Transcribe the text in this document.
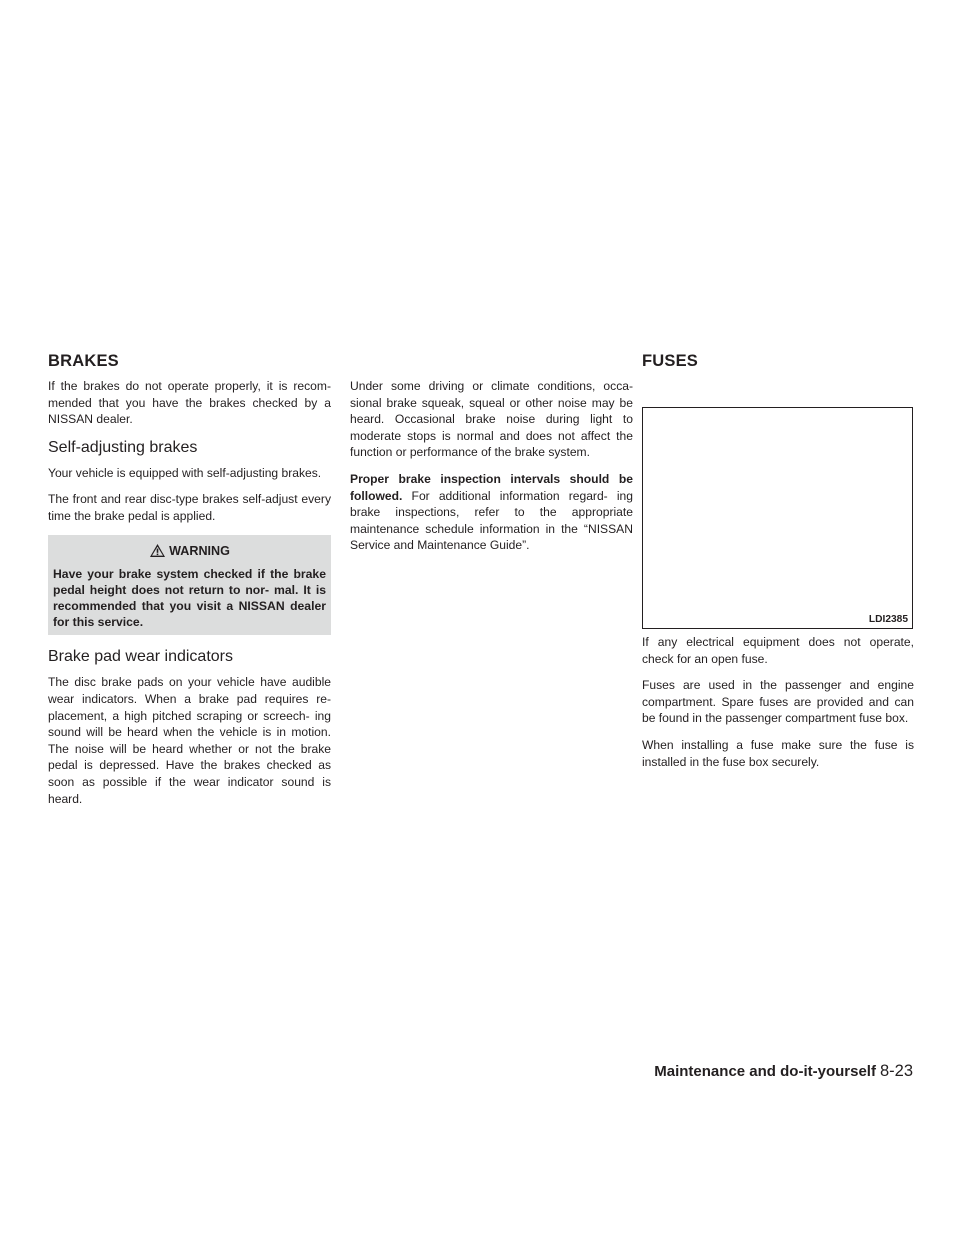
BRAKES	FUSES

If the brakes do not operate properly, it is recom- mended that you have the brakes checked by a NISSAN dealer.

Self-adjusting brakes

Your vehicle is equipped with self-adjusting brakes.

The front and rear disc-type brakes self-adjust every time the brake pedal is applied.

WARNING
Have your brake system checked if the brake pedal height does not return to nor- mal. It is recommended that you visit a NISSAN dealer for this service.
Brake pad wear indicators

The disc brake pads on your vehicle have audible wear indicators. When a brake pad requires re- placement, a high pitched scraping or screech- ing sound will be heard when the vehicle is in motion. The noise will be heard whether or not the brake pedal is depressed. Have the brakes checked as soon as possible if the wear indicator sound is heard.

Under some driving or climate conditions, occa- sional brake squeak, squeal or other noise may be heard. Occasional brake noise during light to moderate stops is normal and does not affect the function or performance of the brake system.

Proper brake inspection intervals should be followed. For additional information regard- ing brake inspections, refer to the appropriate maintenance schedule information in the “NISSAN Service and Maintenance Guide”.

LDI2385

If any electrical equipment does not operate, check for an open fuse.

Fuses are used in the passenger and engine compartment. Spare fuses are provided and can be found in the passenger compartment fuse box.

When installing a fuse make sure the fuse is installed in the fuse box securely.

Maintenance and do-it-yourself 8-23
